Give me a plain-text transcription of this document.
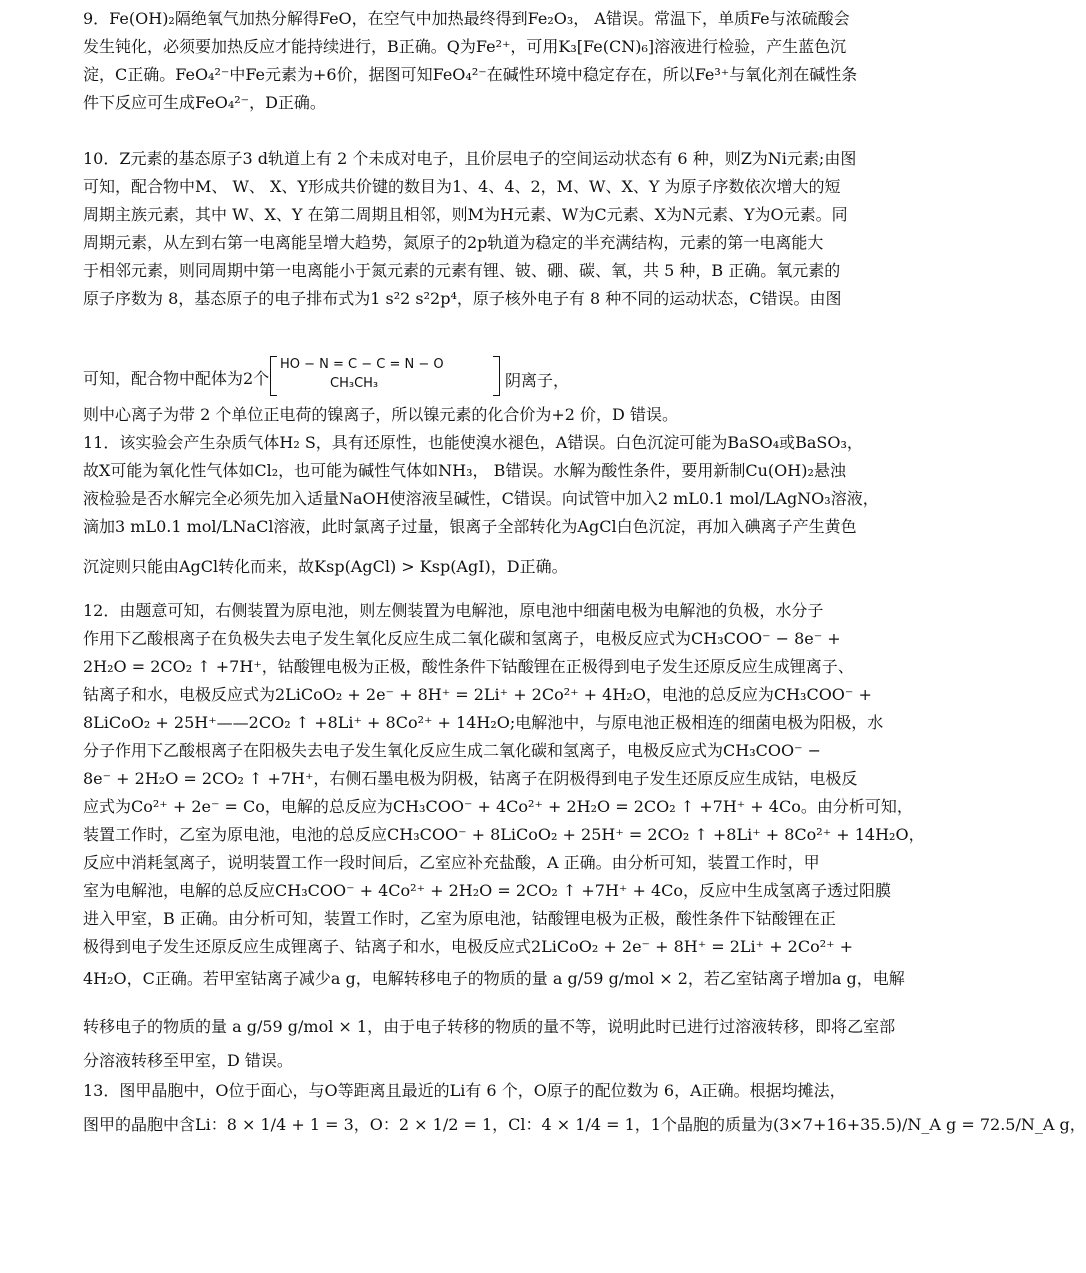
9．Fe(OH)₂隔绝氧气加热分解得FeO，在空气中加热最终得到Fe₂O₃， A错误。常温下，单质Fe与浓硫酸会
发生钝化，必须要加热反应才能持续进行，B正确。Q为Fe²⁺，可用K₃[Fe(CN)₆]溶液进行检验，产生蓝色沉
淀，C正确。FeO₄²⁻中Fe元素为+6价，据图可知FeO₄²⁻在碱性环境中稳定存在，所以Fe³⁺与氧化剂在碱性条
件下反应可生成FeO₄²⁻，D正确。
10．Z元素的基态原子3 d轨道上有 2 个未成对电子，且价层电子的空间运动状态有 6 种，则Z为Ni元素;由图
可知，配合物中M、 W、 X、Y形成共价键的数目为1、4、4、2，M、W、X、Y 为原子序数依次增大的短
周期主族元素，其中 W、X、Y 在第二周期且相邻，则M为H元素、W为C元素、X为N元素、Y为O元素。同
周期元素，从左到右第一电离能呈增大趋势，氮原子的2p轨道为稳定的半充满结构，元素的第一电离能大
于相邻元素，则同周期中第一电离能小于氮元素的元素有锂、铍、硼、碳、氧，共 5 种，B 正确。氧元素的
原子序数为 8，基态原子的电子排布式为1 s²2 s²2p⁴，原子核外电子有 8 种不同的运动状态，C错误。由图
可知，配合物中配体为2个
HO − N = C − C = N − O
CH₃CH₃	阴离子，
则中心离子为带 2 个单位正电荷的镍离子，所以镍元素的化合价为+2 价，D 错误。
11．该实验会产生杂质气体H₂ S，具有还原性，也能使溴水褪色，A错误。白色沉淀可能为BaSO₄或BaSO₃，
故X可能为氧化性气体如Cl₂，也可能为碱性气体如NH₃， B错误。水解为酸性条件，要用新制Cu(OH)₂悬浊
液检验是否水解完全必须先加入适量NaOH使溶液呈碱性，C错误。向试管中加入2 mL0.1 mol/LAgNO₃溶液，
滴加3 mL0.1 mol/LNaCl溶液，此时氯离子过量，银离子全部转化为AgCl白色沉淀，再加入碘离子产生黄色
沉淀则只能由AgCl转化而来，故Ksp(AgCl) > Ksp(AgI)，D正确。
12．由题意可知，右侧装置为原电池，则左侧装置为电解池，原电池中细菌电极为电解池的负极，水分子
作用下乙酸根离子在负极失去电子发生氧化反应生成二氧化碳和氢离子，电极反应式为CH₃COO⁻ − 8e⁻ +
2H₂O = 2CO₂ ↑ +7H⁺，钴酸锂电极为正极，酸性条件下钴酸锂在正极得到电子发生还原反应生成锂离子、
钴离子和水，电极反应式为2LiCoO₂ + 2e⁻ + 8H⁺ = 2Li⁺ + 2Co²⁺ + 4H₂O，电池的总反应为CH₃COO⁻ +
8LiCoO₂ + 25H⁺——2CO₂ ↑ +8Li⁺ + 8Co²⁺ + 14H₂O;电解池中，与原电池正极相连的细菌电极为阳极，水
分子作用下乙酸根离子在阳极失去电子发生氧化反应生成二氧化碳和氢离子，电极反应式为CH₃COO⁻ −
8e⁻ + 2H₂O = 2CO₂ ↑ +7H⁺，右侧石墨电极为阴极，钴离子在阴极得到电子发生还原反应生成钴，电极反
应式为Co²⁺ + 2e⁻ = Co，电解的总反应为CH₃COO⁻ + 4Co²⁺ + 2H₂O = 2CO₂ ↑ +7H⁺ + 4Co。由分析可知，
装置工作时，乙室为原电池，电池的总反应CH₃COO⁻ + 8LiCoO₂ + 25H⁺ = 2CO₂ ↑ +8Li⁺ + 8Co²⁺ + 14H₂O，
反应中消耗氢离子，说明装置工作一段时间后，乙室应补充盐酸，A 正确。由分析可知，装置工作时，甲
室为电解池，电解的总反应CH₃COO⁻ + 4Co²⁺ + 2H₂O = 2CO₂ ↑ +7H⁺ + 4Co，反应中生成氢离子透过阳膜
进入甲室，B 正确。由分析可知，装置工作时，乙室为原电池，钴酸锂电极为正极，酸性条件下钴酸锂在正
极得到电子发生还原反应生成锂离子、钴离子和水，电极反应式2LiCoO₂ + 2e⁻ + 8H⁺ = 2Li⁺ + 2Co²⁺ +
4H₂O，C正确。若甲室钴离子减少a g，电解转移电子的物质的量 a g/59 g/mol × 2，若乙室钴离子增加a g，电解
转移电子的物质的量 a g/59 g/mol × 1，由于电子转移的物质的量不等，说明此时已进行过溶液转移，即将乙室部
分溶液转移至甲室，D 错误。
13．图甲晶胞中，O位于面心，与O等距离且最近的Li有 6 个，O原子的配位数为 6，A正确。根据均摊法，
图甲的晶胞中含Li：8 × 1/4 + 1 = 3，O：2 × 1/2 = 1，Cl：4 × 1/4 = 1，1个晶胞的质量为(3×7+16+35.5)/N_A g = 72.5/N_A g，
